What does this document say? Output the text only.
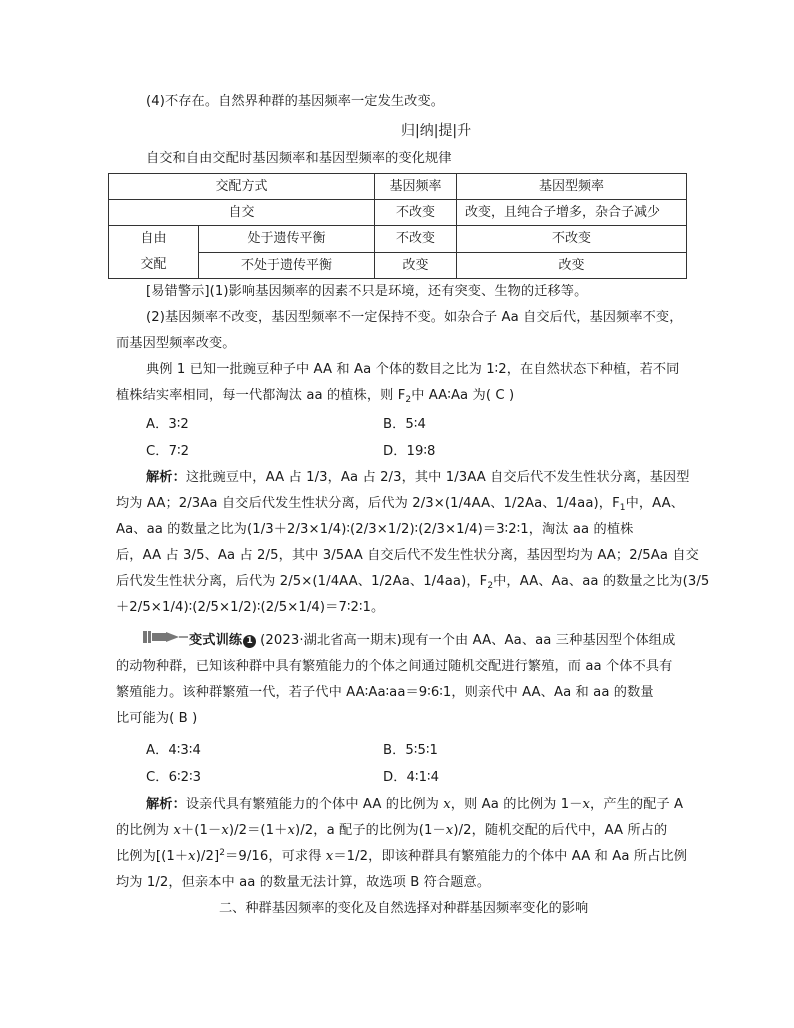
(4)不存在。自然界种群的基因频率一定发生改变。
归|纳|提|升
自交和自由交配时基因频率和基因型频率的变化规律
交配方式		基因频率	基因型频率
自交		不改变	改变，且纯合子增多，杂合子减少

自由
交配	处于遗传平衡	不改变	不改变
	不处于遗传平衡	改变	改变
[易错警示](1)影响基因频率的因素不只是环境，还有突变、生物的迁移等。
(2)基因频率不改变，基因型频率不一定保持不变。如杂合子 Aa 自交后代，基因频率不变，
而基因型频率改变。
典例 1 已知一批豌豆种子中 AA 和 Aa 个体的数目之比为 1∶2，在自然状态下种植，若不同
植株结实率相同，每一代都淘汰 aa 的植株，则 $F_2$中 AA∶Aa 为( C )
A．3∶2	B．5∶4
C．7∶2	D．19∶8
解析：这批豌豆中，AA 占 1/3，Aa 占 2/3，其中 1/3AA 自交后代不发生性状分离，基因型
均为 AA；2/3Aa 自交后代发生性状分离，后代为 2/3×(1/4AA、1/2Aa、1/4aa)，$F_1$中，AA、
Aa、aa 的数量之比为(1/3＋2/3×1/4)∶(2/3×1/2)∶(2/3×1/4)＝3∶2∶1，淘汰 aa 的植株
后，AA 占 3/5、Aa 占 2/5，其中 3/5AA 自交后代不发生性状分离，基因型均为 AA；2/5Aa 自交
后代发生性状分离，后代为 2/5×(1/4AA、1/2Aa、1/4aa)，$F_2$中，AA、Aa、aa 的数量之比为(3/5
＋2/5×1/4)∶(2/5×1/2)∶(2/5×1/4)＝7∶2∶1。
变式训练 1 (2023·湖北省高一期末)现有一个由 AA、Aa、aa 三种基因型个体组成
的动物种群，已知该种群中具有繁殖能力的个体之间通过随机交配进行繁殖，而 aa 个体不具有
繁殖能力。该种群繁殖一代，若子代中 AA∶Aa∶aa＝9∶6∶1，则亲代中 AA、Aa 和 aa 的数量
比可能为( B )
A．4∶3∶4	B．5∶5∶1
C．6∶2∶3	D．4∶1∶4
解析：设亲代具有繁殖能力的个体中 AA 的比例为 x，则 Aa 的比例为 1－x，产生的配子 A
的比例为 x＋(1－x)/2＝(1＋x)/2，a 配子的比例为(1－x)/2，随机交配的后代中，AA 所占的
比例为$[(1+x)/2]^2=9/16$，可求得 x＝1/2，即该种群具有繁殖能力的个体中 AA 和 Aa 所占比例
均为 1/2，但亲本中 aa 的数量无法计算，故选项 B 符合题意。
二、种群基因频率的变化及自然选择对种群基因频率变化的影响
